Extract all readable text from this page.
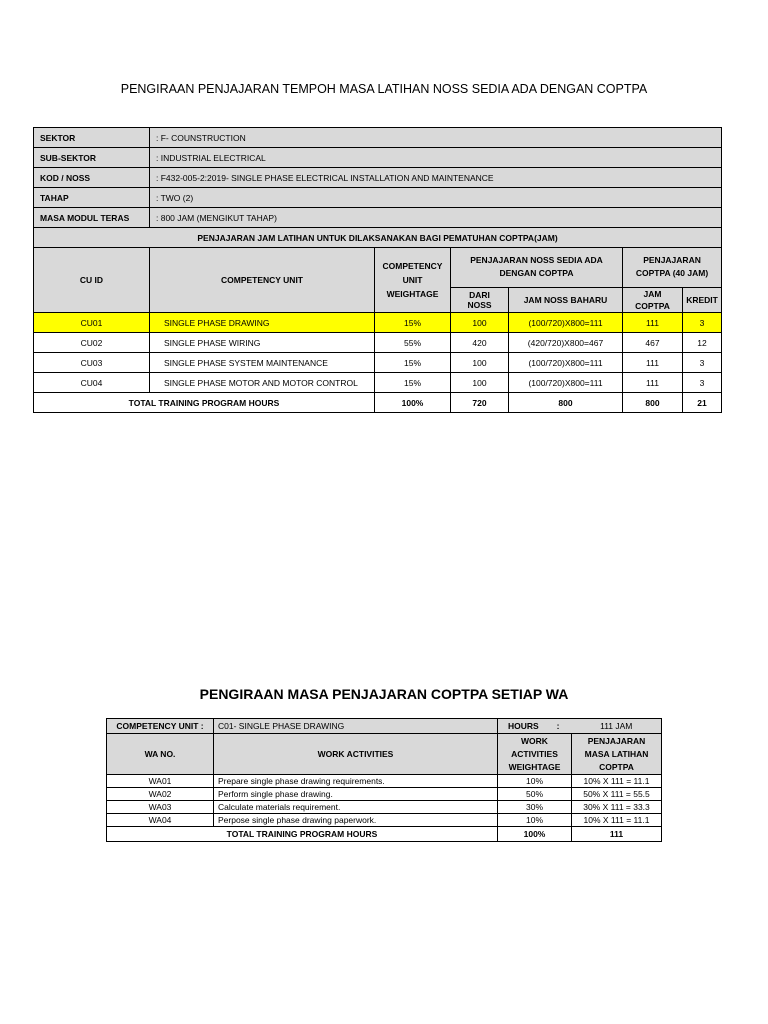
PENGIRAAN PENJAJARAN TEMPOH MASA LATIHAN NOSS SEDIA ADA DENGAN COPTPA
SEKTOR	: F- COUNSTRUCTION					
SUB-SEKTOR	: INDUSTRIAL ELECTRICAL					
KOD / NOSS	: F432-005-2:2019- SINGLE PHASE ELECTRICAL INSTALLATION AND MAINTENANCE					
TAHAP	: TWO (2)					
MASA MODUL TERAS	: 800 JAM (MENGIKUT TAHAP)					
PENJAJARAN JAM LATIHAN UNTUK DILAKSANAKAN BAGI PEMATUHAN COPTPA(JAM)						
CU ID	COMPETENCY UNIT	COMPETENCY UNIT WEIGHTAGE	PENJAJARAN NOSS SEDIA ADA DENGAN COPTPA		PENJAJARAN COPTPA (40 JAM)	
			DARI NOSS	JAM NOSS BAHARU	JAM COPTPA	KREDIT
CU01	SINGLE PHASE DRAWING	15%	100	(100/720)X800=111	111	3
CU02	SINGLE PHASE WIRING	55%	420	(420/720)X800=467	467	12
CU03	SINGLE PHASE SYSTEM MAINTENANCE	15%	100	(100/720)X800=111	111	3
CU04	SINGLE PHASE MOTOR AND MOTOR CONTROL	15%	100	(100/720)X800=111	111	3
TOTAL TRAINING PROGRAM HOURS		100%	720	800	800	21
PENGIRAAN MASA PENJAJARAN COPTPA SETIAP WA
COMPETENCY UNIT :	C01- SINGLE PHASE DRAWING	HOURS :	111 JAM
WA NO.	WORK ACTIVITIES	WORK ACTIVITIES WEIGHTAGE	PENJAJARAN MASA LATIHAN COPTPA
WA01	Prepare single phase drawing requirements.	10%	10% X 111 = 11.1
WA02	Perform single phase drawing.	50%	50% X 111 = 55.5
WA03	Calculate materials requirement.	30%	30% X 111 = 33.3
WA04	Perpose single phase drawing paperwork.	10%	10% X 111 = 11.1
TOTAL TRAINING PROGRAM HOURS		100%	111
